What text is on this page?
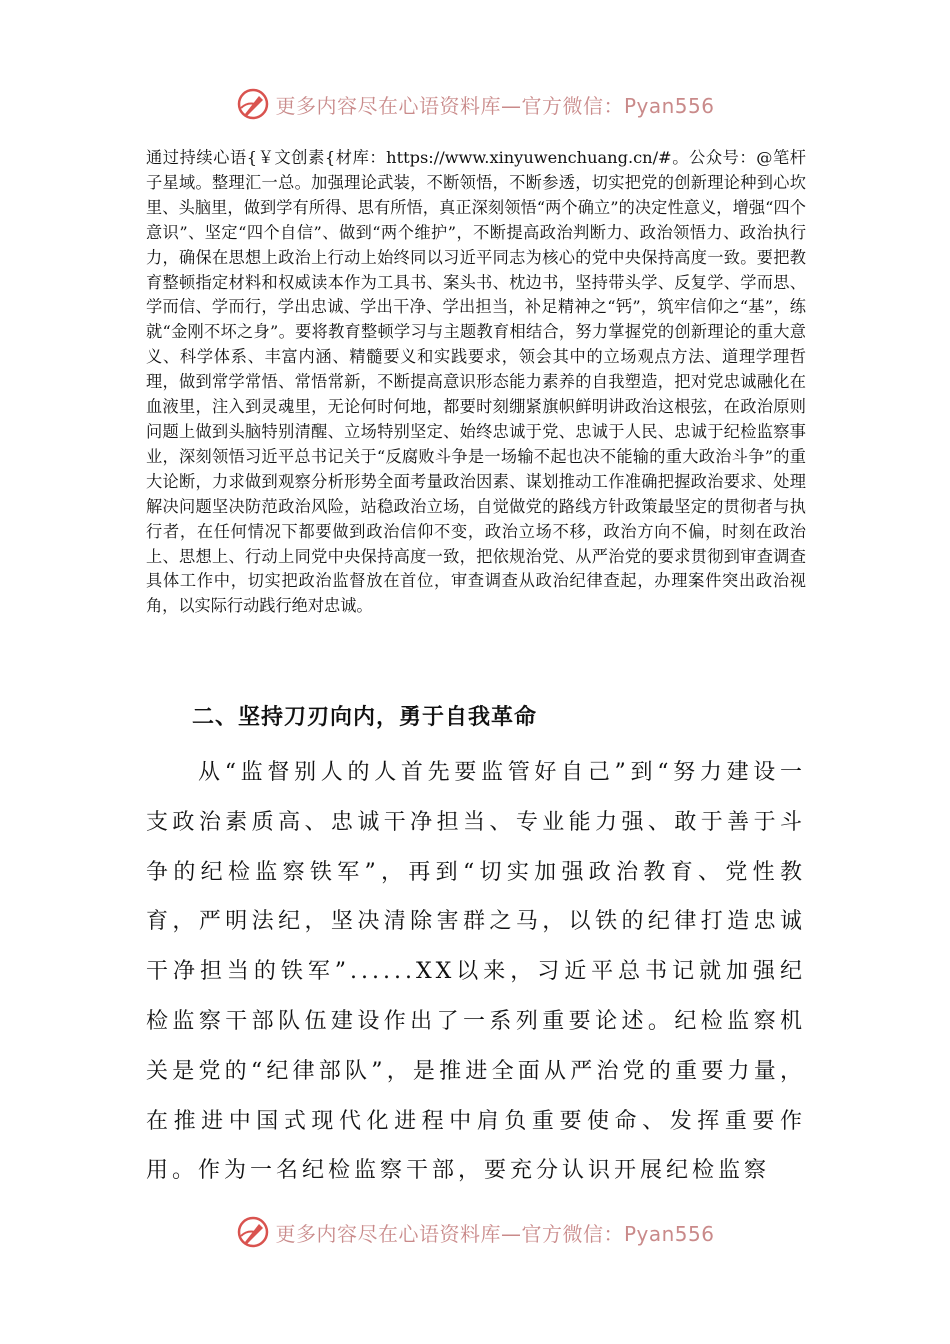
更多内容尽在心语资料库—官方微信：Pyan556

通过持续心语{￥文创素{材库：https://www.xinyuwenchuang.cn/#。公众号：@笔杆子星域。整理汇一总。加强理论武装，不断领悟，不断参透，切实把党的创新理论种到心坎里、头脑里，做到学有所得、思有所悟，真正深刻领悟“两个确立”的决定性意义，增强“四个意识”、坚定“四个自信”、做到“两个维护”，不断提高政治判断力、政治领悟力、政治执行力，确保在思想上政治上行动上始终同以习近平同志为核心的党中央保持高度一致。要把教育整顿指定材料和权威读本作为工具书、案头书、枕边书，坚持带头学、反复学、学而思、学而信、学而行，学出忠诚、学出干净、学出担当，补足精神之“钙”，筑牢信仰之“基”，练就“金刚不坏之身”。要将教育整顿学习与主题教育相结合，努力掌握党的创新理论的重大意义、科学体系、丰富内涵、精髓要义和实践要求，领会其中的立场观点方法、道理学理哲理，做到常学常悟、常悟常新，不断提高意识形态能力素养的自我塑造，把对党忠诚融化在血液里，注入到灵魂里，无论何时何地，都要时刻绷紧旗帜鲜明讲政治这根弦，在政治原则问题上做到头脑特别清醒、立场特别坚定、始终忠诚于党、忠诚于人民、忠诚于纪检监察事业，深刻领悟习近平总书记关于“反腐败斗争是一场输不起也决不能输的重大政治斗争”的重大论断，力求做到观察分析形势全面考量政治因素、谋划推动工作准确把握政治要求、处理解决问题坚决防范政治风险，站稳政治立场，自觉做党的路线方针政策最坚定的贯彻者与执行者，在任何情况下都要做到政治信仰不变，政治立场不移，政治方向不偏，时刻在政治上、思想上、行动上同党中央保持高度一致，把依规治党、从严治党的要求贯彻到审查调查具体工作中，切实把政治监督放在首位，审查调查从政治纪律查起，办理案件突出政治视角，以实际行动践行绝对忠诚。

二、坚持刀刃向内，勇于自我革命

从“监督别人的人首先要监管好自己”到“努力建设一支政治素质高、忠诚干净担当、专业能力强、敢于善于斗争的纪检监察铁军”，再到“切实加强政治教育、党性教育，严明法纪，坚决清除害群之马，以铁的纪律打造忠诚干净担当的铁军”......XX以来，习近平总书记就加强纪检监察干部队伍建设作出了一系列重要论述。纪检监察机关是党的“纪律部队”，是推进全面从严治党的重要力量，在推进中国式现代化进程中肩负重要使命、发挥重要作用。作为一名纪检监察干部，要充分认识开展纪检监察

更多内容尽在心语资料库—官方微信：Pyan556
